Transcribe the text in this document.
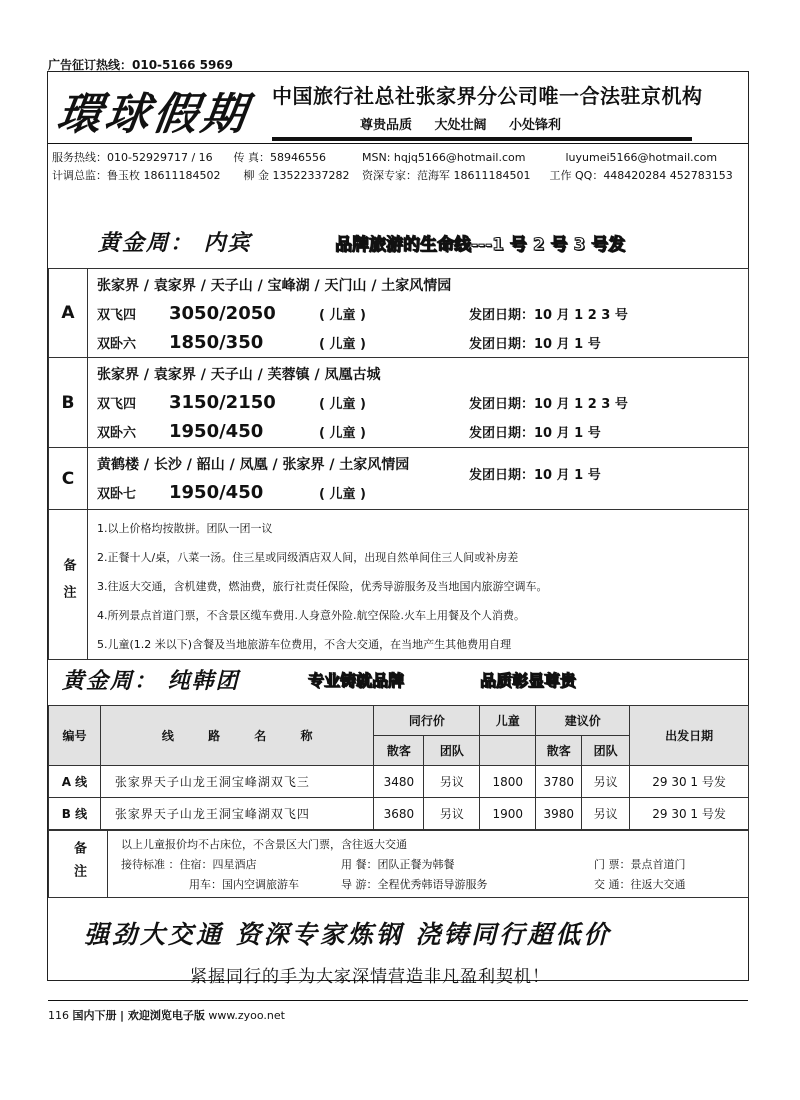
广告征订热线：010-5166 5969
環球假期 中国旅行社总社张家界分公司唯一合法驻京机构
尊贵品质 大处壮阔 小处锋利
服务热线：010-52929717 / 16 传 真：58946556	MSN: hqjq5166@hotmail.com	luyumei5166@hotmail.com
计调总监：鲁玉枚 18611184502 柳 金 13522337282 资深专家：范海军 18611184501 工作 QQ：448420284 452783153
黄金周： 内宾	品牌旅游的生命线---1 号 2 号 3 号发
A
张家界 / 袁家界 / 天子山 / 宝峰湖 / 天门山 / 土家风情园
双飞四	3050/2050	( 儿童 )	发团日期：10 月 1 2 3 号
双卧六	1850/350	( 儿童 )	发团日期：10 月 1 号
B
张家界 / 袁家界 / 天子山 / 芙蓉镇 / 凤凰古城
双飞四	3150/2150	( 儿童 )	发团日期：10 月 1 2 3 号
双卧六	1950/450	( 儿童 )	发团日期：10 月 1 号
C
黄鹤楼 / 长沙 / 韶山 / 凤凰 / 张家界 / 土家风情园
双卧七	1950/450	( 儿童 )
发团日期：10 月 1 号
备注
1.以上价格均按散拼。团队一团一议
2.正餐十人/桌，八菜一汤。住三星或同级酒店双人间，出现自然单间住三人间或补房差
3.往返大交通，含机建费，燃油费，旅行社责任保险，优秀导游服务及当地国内旅游空调车。
4.所列景点首道门票，不含景区缆车费用.人身意外险.航空保险.火车上用餐及个人消费。
5.儿童(1.2 米以下)含餐及当地旅游车位费用，不含大交通，在当地产生其他费用自理
黄金周： 纯韩团	专业铸就品牌	品质彰显尊贵
编号	线 路 名 称	同行价		儿童	建议价		出发日期
		散客	团队		散客	团队	
A 线	张家界天子山龙王洞宝峰湖双飞三	3480	另议	1800	3780	另议	29 30 1 号发
B 线	张家界天子山龙王洞宝峰湖双飞四	3680	另议	1900	3980	另议	29 30 1 号发
备注	以上儿童报价均不占床位，不含景区大门票，含往返大交通
接待标准 ：住宿：四星酒店	用 餐：团队正餐为韩餐	门 票：景点首道门
用车：国内空调旅游车	导 游：全程优秀韩语导游服务	交 通：往返大交通
强劲大交通 资深专家炼钢 浇铸同行超低价
紧握同行的手为大家深情营造非凡盈利契机！
116 国内下册 | 欢迎浏览电子版 www.zyoo.net
